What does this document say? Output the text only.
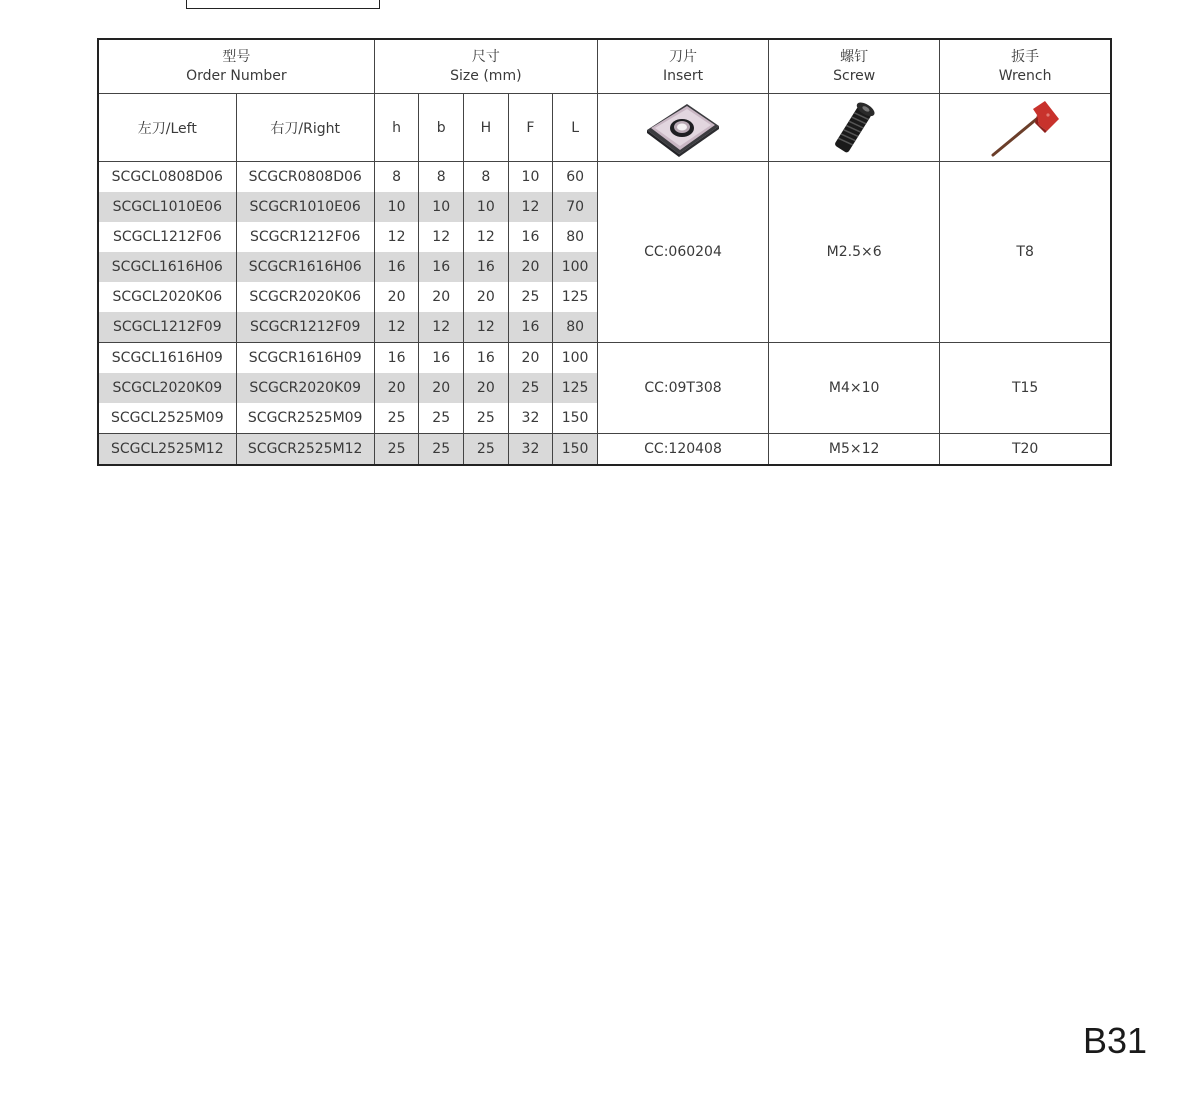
型号
Order Number		尺寸
Size (mm)					刀片
Insert	螺钉
Screw	扳手
Wrench

左刀/Left	右刀/Right	h	b	H	F	L	

SCGCL0808D06	SCGCR0808D06	8	8	8	10	60	CC:060204	M2.5×6	T8
SCGCL1010E06	SCGCR1010E06	10	10	10	12	70			
SCGCL1212F06	SCGCR1212F06	12	12	12	16	80			
SCGCL1616H06	SCGCR1616H06	16	16	16	20	100			
SCGCL2020K06	SCGCR2020K06	20	20	20	25	125			
SCGCL1212F09	SCGCR1212F09	12	12	12	16	80			
SCGCL1616H09	SCGCR1616H09	16	16	16	20	100	CC:09T308	M4×10	T15
SCGCL2020K09	SCGCR2020K09	20	20	20	25	125			
SCGCL2525M09	SCGCR2525M09	25	25	25	32	150			
SCGCL2525M12	SCGCR2525M12	25	25	25	32	150	CC:120408	M5×12	T20
B31
